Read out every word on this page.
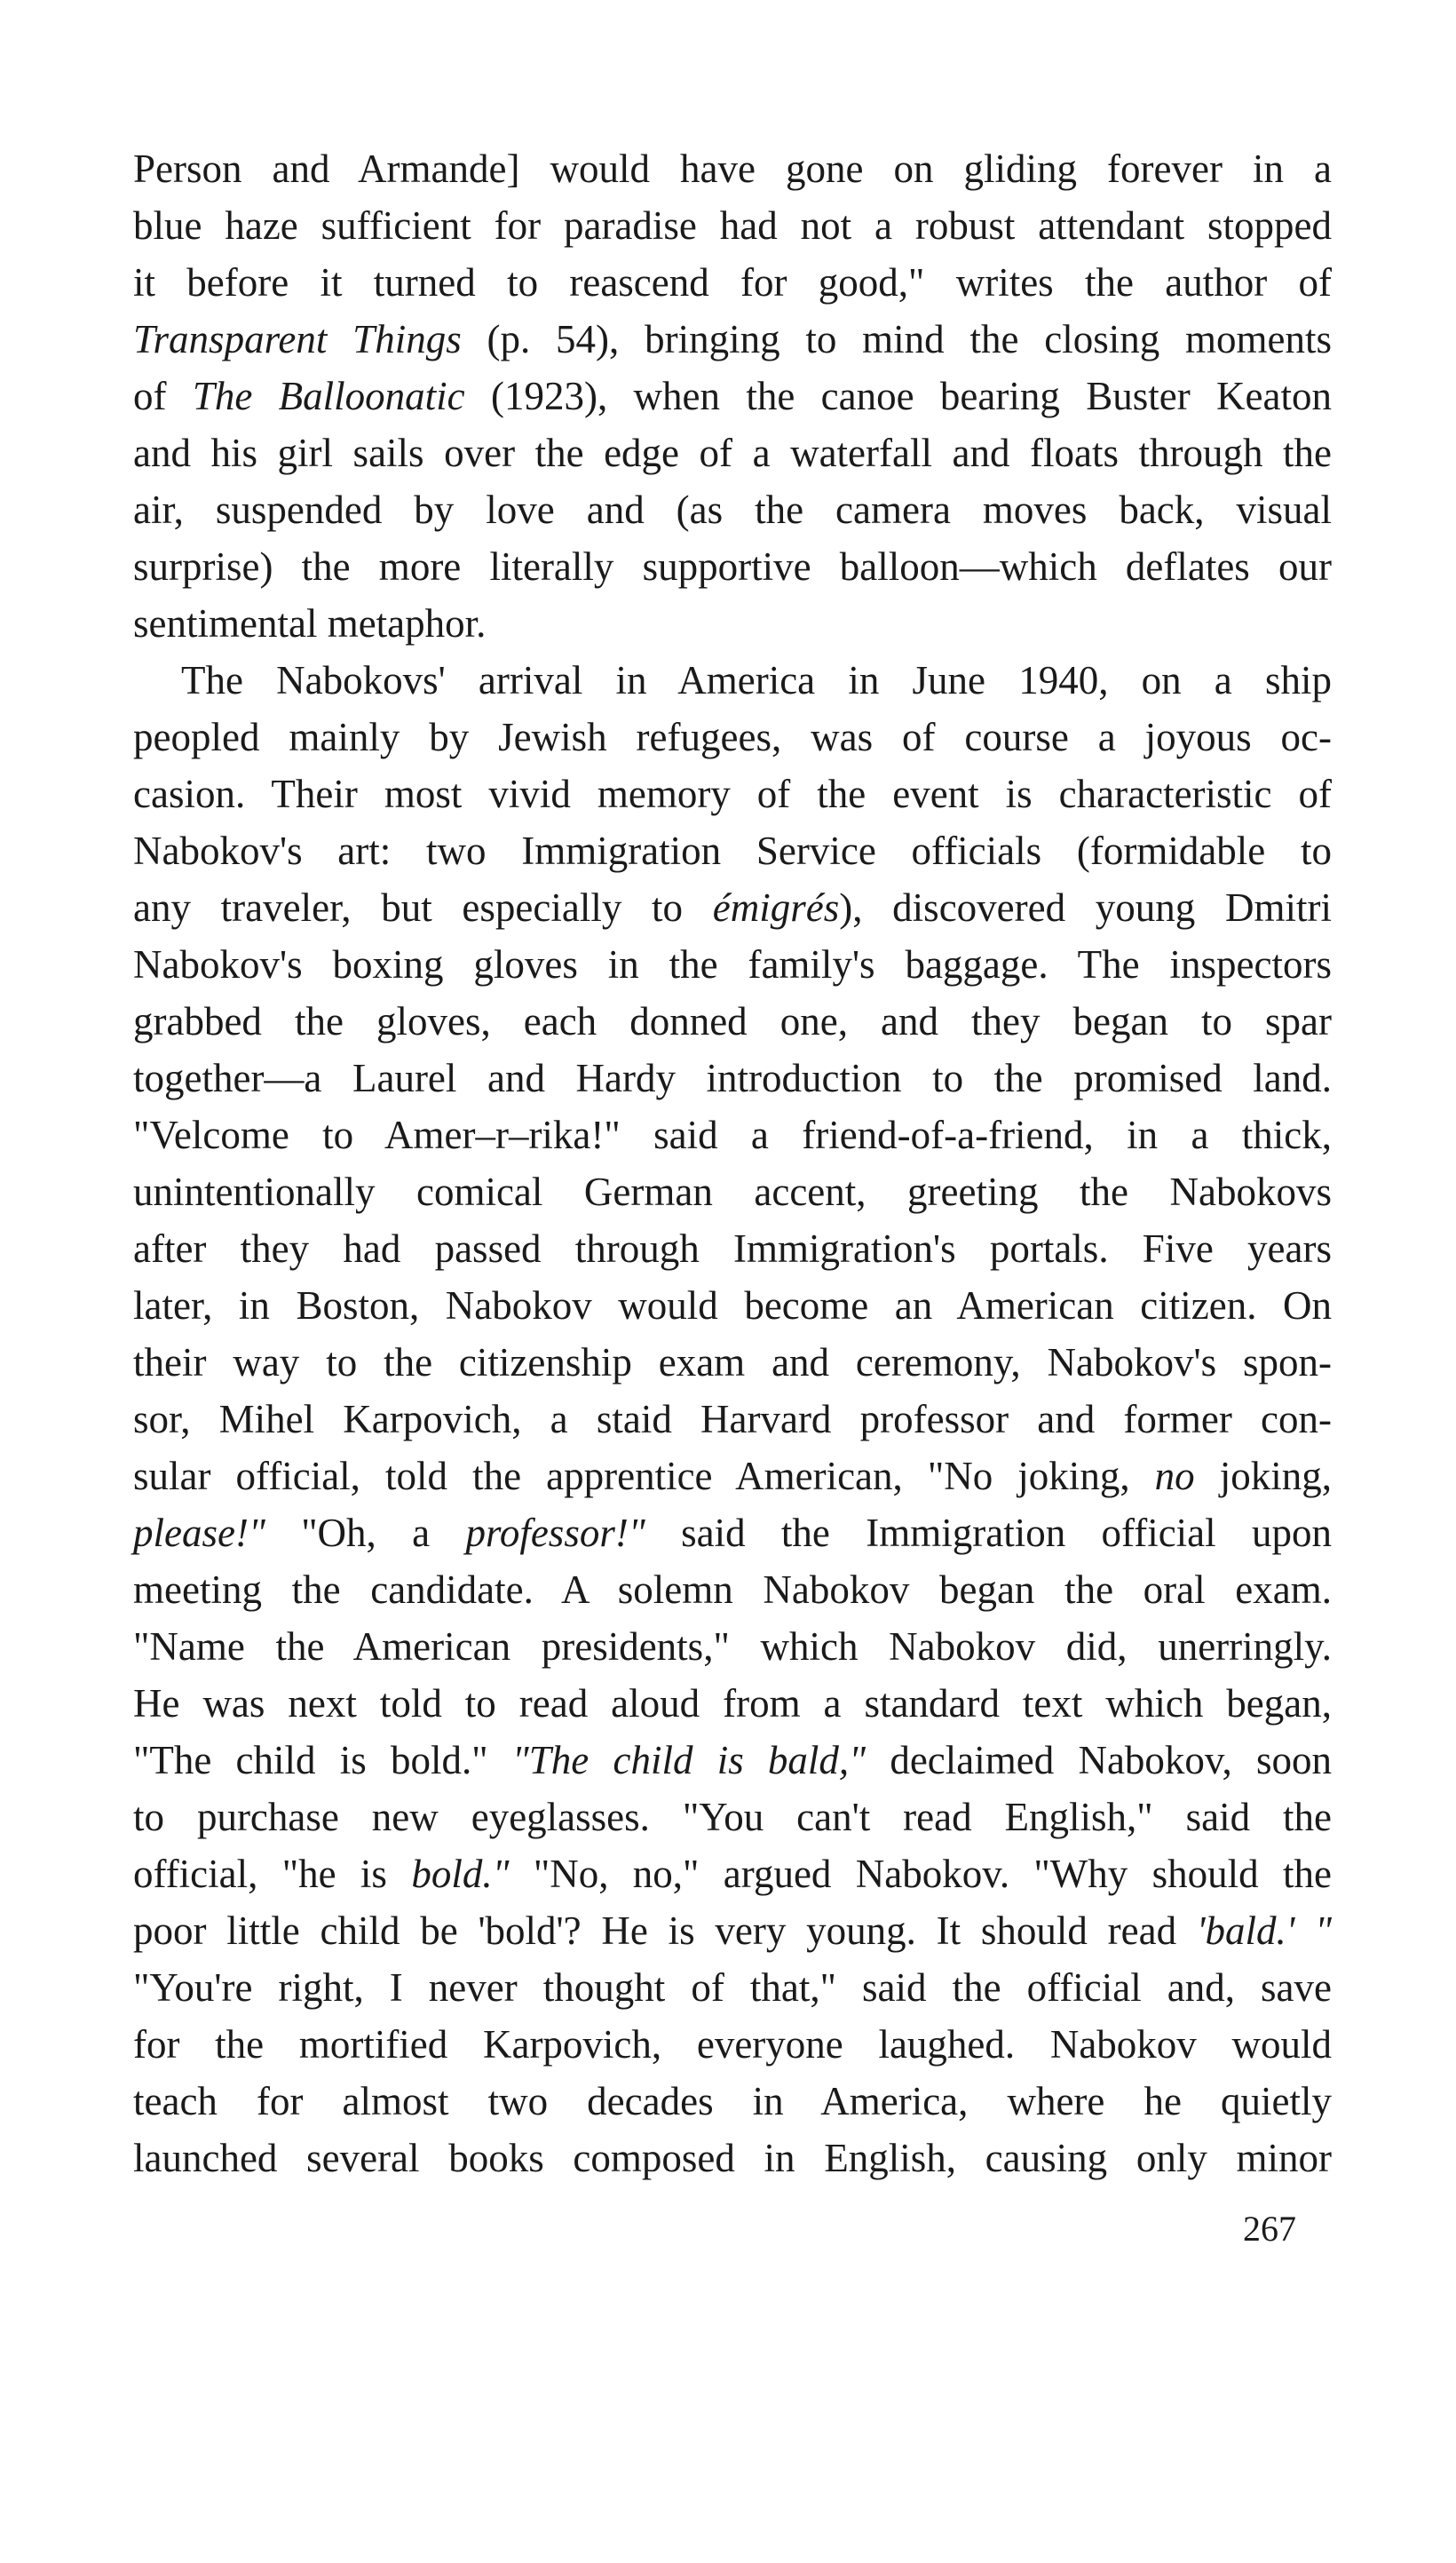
Person and Armande] would have gone on gliding forever in a
blue haze sufficient for paradise had not a robust attendant stopped
it before it turned to reascend for good," writes the author of
Transparent Things (p. 54), bringing to mind the closing moments
of The Balloonatic (1923), when the canoe bearing Buster Keaton
and his girl sails over the edge of a waterfall and floats through the
air, suspended by love and (as the camera moves back, visual
surprise) the more literally supportive balloon—which deflates our
sentimental metaphor.

The Nabokovs' arrival in America in June 1940, on a ship
peopled mainly by Jewish refugees, was of course a joyous oc-
casion. Their most vivid memory of the event is characteristic of
Nabokov's art: two Immigration Service officials (formidable to
any traveler, but especially to émigrés), discovered young Dmitri
Nabokov's boxing gloves in the family's baggage. The inspectors
grabbed the gloves, each donned one, and they began to spar
together—a Laurel and Hardy introduction to the promised land.
"Velcome to Amer–r–rika!" said a friend-of-a-friend, in a thick,
unintentionally comical German accent, greeting the Nabokovs
after they had passed through Immigration's portals. Five years
later, in Boston, Nabokov would become an American citizen. On
their way to the citizenship exam and ceremony, Nabokov's spon-
sor, Mihel Karpovich, a staid Harvard professor and former con-
sular official, told the apprentice American, "No joking, no joking,
please!" "Oh, a professor!" said the Immigration official upon
meeting the candidate. A solemn Nabokov began the oral exam.
"Name the American presidents," which Nabokov did, unerringly.
He was next told to read aloud from a standard text which began,
"The child is bold." "The child is bald," declaimed Nabokov, soon
to purchase new eyeglasses. "You can't read English," said the
official, "he is bold." "No, no," argued Nabokov. "Why should the
poor little child be 'bold'? He is very young. It should read 'bald.' "
"You're right, I never thought of that," said the official and, save
for the mortified Karpovich, everyone laughed. Nabokov would
teach for almost two decades in America, where he quietly
launched several books composed in English, causing only minor

267
